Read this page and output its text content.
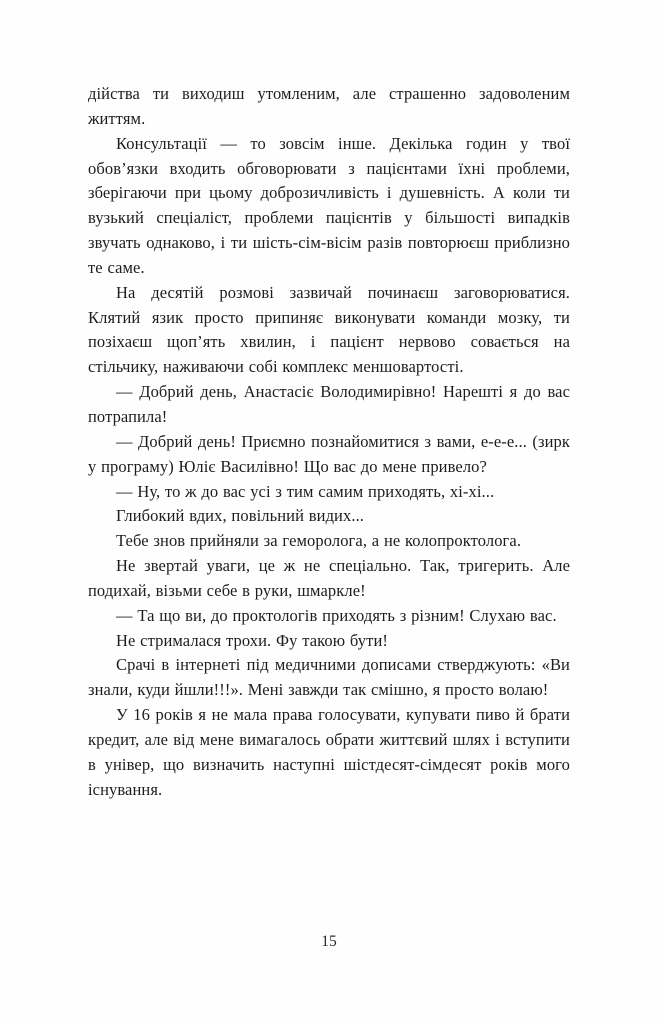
дійства ти виходиш утомленим, але страшенно задоволеним життям.

Консультації — то зовсім інше. Декілька годин у твої обов’язки входить обговорювати з пацієнтами їхні проблеми, зберігаючи при цьому доброзичливість і душевність. А коли ти вузький спеціаліст, проблеми пацієнтів у більшості випадків звучать однаково, і ти шість-сім-вісім разів повторюєш приблизно те саме.

На десятій розмові зазвичай починаєш заговорюватися. Клятий язик просто припиняє виконувати команди мозку, ти позіхаєш щоп’ять хвилин, і пацієнт нервово совається на стільчику, наживаючи собі комплекс меншовартості.

— Добрий день, Анастасіє Володимирівно! Нарешті я до вас потрапила!

— Добрий день! Приємно познайомитися з вами, е-е-е... (зирк у програму) Юліє Василівно! Що вас до мене привело?

— Ну, то ж до вас усі з тим самим приходять, хі-хі...

Глибокий вдих, повільний видих...

Тебе знов прийняли за геморолога, а не колопроктолога.

Не звертай уваги, це ж не спеціально. Так, тригерить. Але подихай, візьми себе в руки, шмаркле!

— Та що ви, до проктологів приходять з різним! Слухаю вас.

Не стрималася трохи. Фу такою бути!

Срачі в інтернеті під медичними дописами стверджують: «Ви знали, куди йшли!!!». Мені завжди так смішно, я просто волаю!

У 16 років я не мала права голосувати, купувати пиво й брати кредит, але від мене вимагалось обрати життєвий шлях і вступити в універ, що визначить наступні шістдесят-сімдесят років мого існування.

15
